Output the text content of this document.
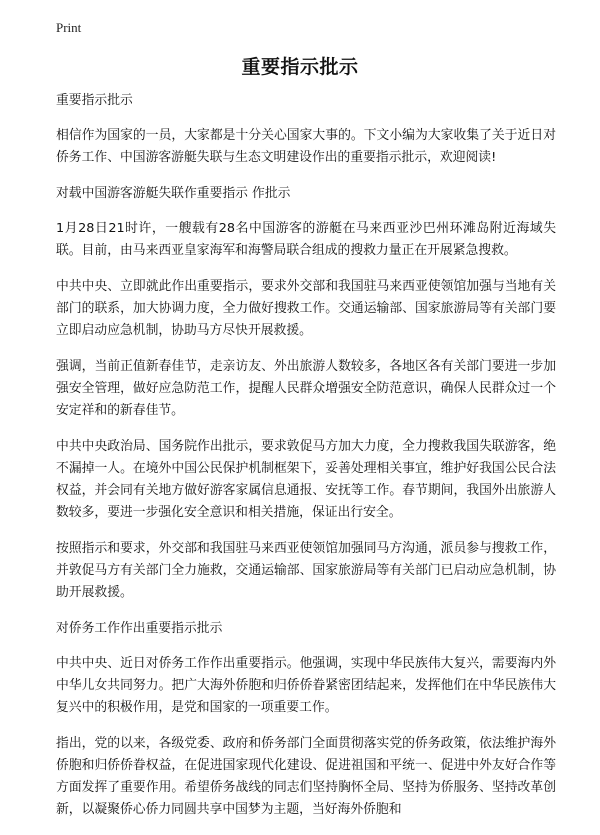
Print
重要指示批示

重要指示批示

相信作为国家的一员，大家都是十分关心国家大事的。下文小编为大家收集了关于近日对侨务工作、中国游客游艇失联与生态文明建设作出的重要指示批示，欢迎阅读!

对载中国游客游艇失联作重要指示 作批示

1月28日21时许，一艘载有28名中国游客的游艇在马来西亚沙巴州环滩岛附近海域失联。目前，由马来西亚皇家海军和海警局联合组成的搜救力量正在开展紧急搜救。

中共中央、立即就此作出重要指示，要求外交部和我国驻马来西亚使领馆加强与当地有关部门的联系，加大协调力度，全力做好搜救工作。交通运输部、国家旅游局等有关部门要立即启动应急机制，协助马方尽快开展救援。

强调，当前正值新春佳节，走亲访友、外出旅游人数较多，各地区各有关部门要进一步加强安全管理，做好应急防范工作，提醒人民群众增强安全防范意识，确保人民群众过一个安定祥和的新春佳节。

中共中央政治局、国务院作出批示，要求敦促马方加大力度，全力搜救我国失联游客，绝不漏掉一人。在境外中国公民保护机制框架下，妥善处理相关事宜，维护好我国公民合法权益，并会同有关地方做好游客家属信息通报、安抚等工作。春节期间，我国外出旅游人数较多，要进一步强化安全意识和相关措施，保证出行安全。

按照指示和要求，外交部和我国驻马来西亚使领馆加强同马方沟通，派员参与搜救工作，并敦促马方有关部门全力施救，交通运输部、国家旅游局等有关部门已启动应急机制，协助开展救援。

对侨务工作作出重要指示批示

中共中央、近日对侨务工作作出重要指示。他强调，实现中华民族伟大复兴，需要海内外中华儿女共同努力。把广大海外侨胞和归侨侨眷紧密团结起来，发挥他们在中华民族伟大复兴中的积极作用，是党和国家的一项重要工作。

指出，党的以来，各级党委、政府和侨务部门全面贯彻落实党的侨务政策，依法维护海外侨胞和归侨侨眷权益，在促进国家现代化建设、促进祖国和平统一、促进中外友好合作等方面发挥了重要作用。希望侨务战线的同志们坚持胸怀全局、坚持为侨服务、坚持改革创新，以凝聚侨心侨力同圆共享中国梦为主题，当好海外侨胞和
